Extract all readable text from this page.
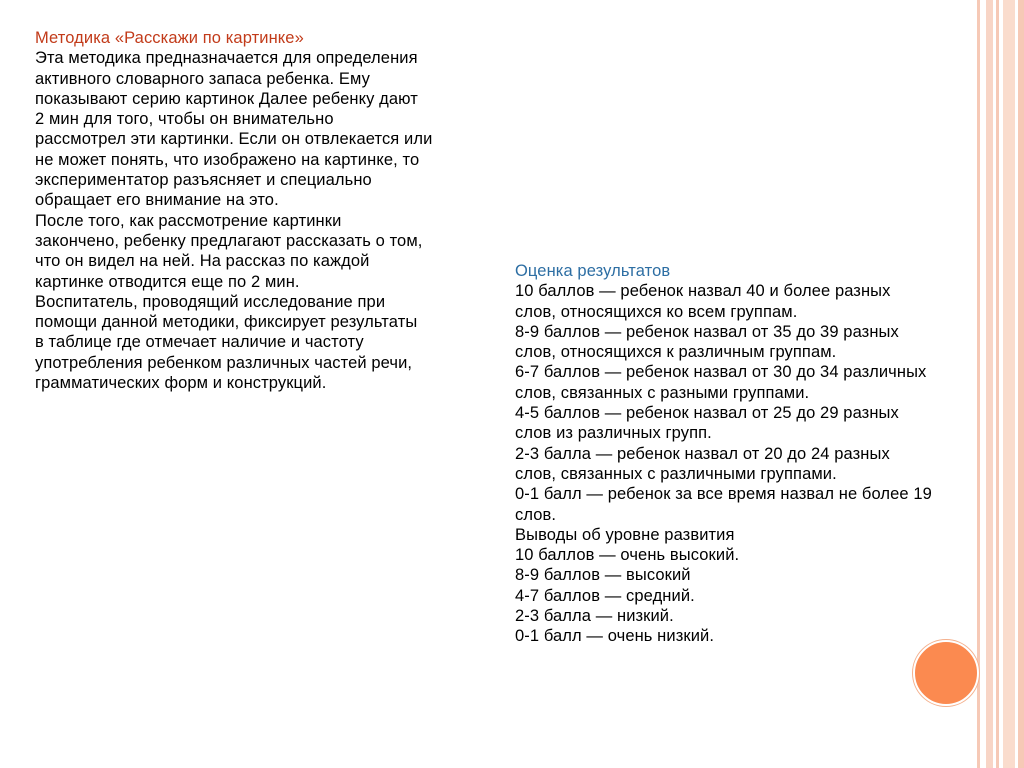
Методика «Расскажи по картинке»
Эта методика предназначается для определения
активного словарного запаса ребенка. Ему
показывают серию картинок Далее ребенку дают
2 мин для того, чтобы он внимательно
рассмотрел эти картинки. Если он отвлекается или
не может понять, что изображено на картинке, то
экспериментатор разъясняет и специально
обращает его внимание на это.
После того, как рассмотрение картинки
закончено, ребенку предлагают рассказать о том,
что он видел на ней. На рассказ по каждой
картинке отводится еще по 2 мин.
Воспитатель, проводящий исследование при
помощи данной методики, фиксирует результаты
в таблице где отмечает наличие и частоту
употребления ребенком различных частей речи,
грамматических форм и конструкций.
Оценка результатов
10 баллов — ребенок назвал 40 и более разных
слов, относящихся ко всем группам.
8-9 баллов — ребенок назвал от 35 до 39 разных
слов, относящихся к различным группам.
6-7 баллов — ребенок назвал от 30 до 34 различных
слов, связанных с разными группами.
4-5 баллов — ребенок назвал от 25 до 29 разных
слов из различных групп.
2-3 балла — ребенок назвал от 20 до 24 разных
слов, связанных с различными группами.
0-1 балл — ребенок за все время назвал не более 19
слов.
Выводы об уровне развития
10 баллов — очень высокий.
8-9 баллов — высокий
4-7 баллов — средний.
2-3 балла — низкий.
0-1 балл — очень низкий.
